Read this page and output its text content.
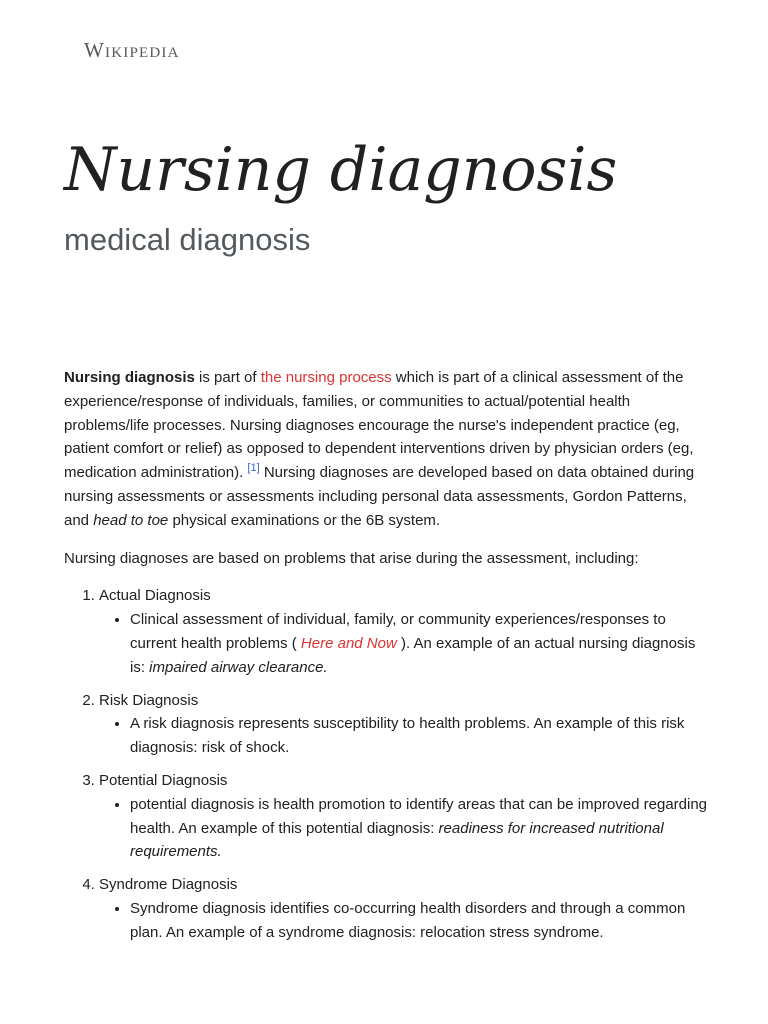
Wikipedia
Nursing diagnosis
medical diagnosis

Nursing diagnosis is part of the nursing process which is part of a clinical assessment of the experience/response of individuals, families, or communities to actual/potential health problems/life processes. Nursing diagnoses encourage the nurse's independent practice (eg, patient comfort or relief) as opposed to dependent interventions driven by physician orders (eg, medication administration). [1] Nursing diagnoses are developed based on data obtained during nursing assessments or assessments including personal data assessments, Gordon Patterns, and head to toe physical examinations or the 6B system.

Nursing diagnoses are based on problems that arise during the assessment, including:

1. Actual Diagnosis
• Clinical assessment of individual, family, or community experiences/responses to current health problems ( Here and Now ). An example of an actual nursing diagnosis is: impaired airway clearance.
2. Risk Diagnosis
• A risk diagnosis represents susceptibility to health problems. An example of this risk diagnosis: risk of shock.
3. Potential Diagnosis
• potential diagnosis is health promotion to identify areas that can be improved regarding health. An example of this potential diagnosis: readiness for increased nutritional requirements.
4. Syndrome Diagnosis
• Syndrome diagnosis identifies co-occurring health disorders and through a common plan. An example of a syndrome diagnosis: relocation stress syndrome.
